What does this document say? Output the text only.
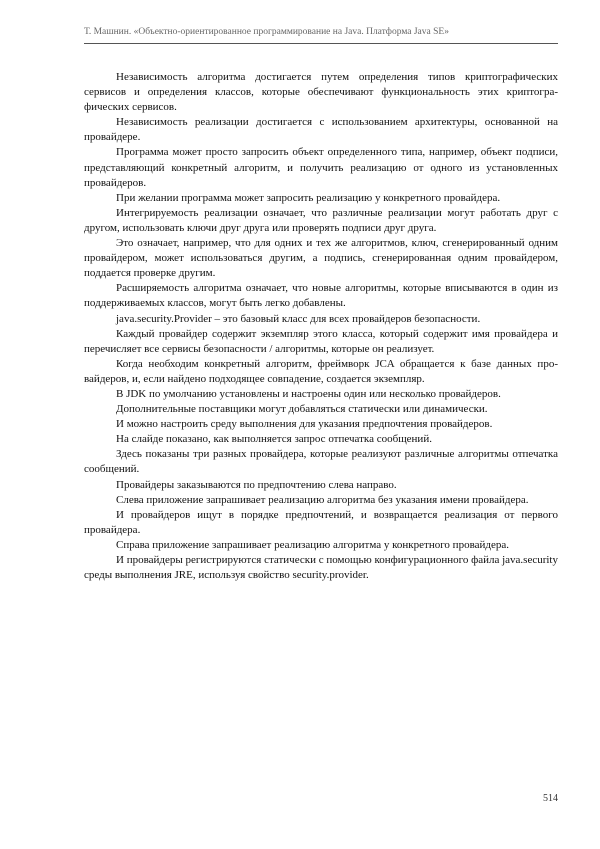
Т. Машнин. «Объектно-ориентированное программирование на Java. Платформа Java SE»

Независимость алгоритма достигается путем определения типов криптографических сервисов и определения классов, которые обеспечивают функциональность этих криптографических сервисов.

Независимость реализации достигается с использованием архитектуры, основанной на провайдере.

Программа может просто запросить объект определенного типа, например, объект подписи, представляющий конкретный алгоритм, и получить реализацию от одного из установленных провайдеров.

При желании программа может запросить реализацию у конкретного провайдера.

Интегрируемость реализации означает, что различные реализации могут работать друг с другом, использовать ключи друг друга или проверять подписи друг друга.

Это означает, например, что для одних и тех же алгоритмов, ключ, сгенерированный одним провайдером, может использоваться другим, а подпись, сгенерированная одним провайдером, поддается проверке другим.

Расширяемость алгоритма означает, что новые алгоритмы, которые вписываются в один из поддерживаемых классов, могут быть легко добавлены.

java.security.Provider – это базовый класс для всех провайдеров безопасности.

Каждый провайдер содержит экземпляр этого класса, который содержит имя провайдера и перечисляет все сервисы безопасности / алгоритмы, которые он реализует.

Когда необходим конкретный алгоритм, фреймворк JCA обращается к базе данных провайдеров, и, если найдено подходящее совпадение, создается экземпляр.

В JDK по умолчанию установлены и настроены один или несколько провайдеров.

Дополнительные поставщики могут добавляться статически или динамически.

И можно настроить среду выполнения для указания предпочтения провайдеров.

На слайде показано, как выполняется запрос отпечатка сообщений.

Здесь показаны три разных провайдера, которые реализуют различные алгоритмы отпечатка сообщений.

Провайдеры заказываются по предпочтению слева направо.

Слева приложение запрашивает реализацию алгоритма без указания имени провайдера.

И провайдеров ищут в порядке предпочтений, и возвращается реализация от первого провайдера.

Справа приложение запрашивает реализацию алгоритма у конкретного провайдера.

И провайдеры регистрируются статически с помощью конфигурационного файла java.security среды выполнения JRE, используя свойство security.provider.

514
